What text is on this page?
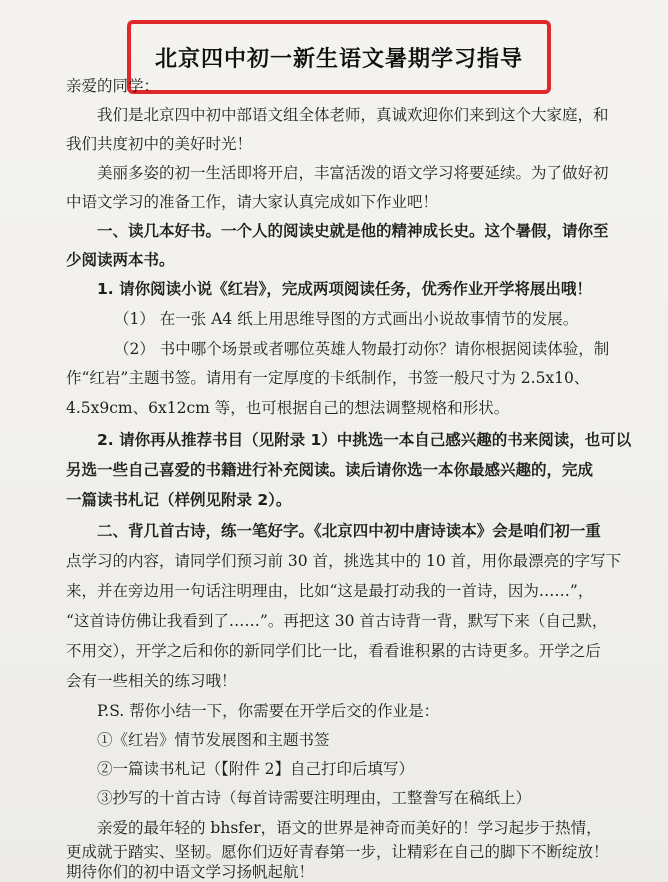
北京四中初一新生语文暑期学习指导
亲爱的同学：
我们是北京四中初中部语文组全体老师，真诚欢迎你们来到这个大家庭，和
我们共度初中的美好时光！
美丽多姿的初一生活即将开启，丰富活泼的语文学习将要延续。为了做好初
中语文学习的准备工作，请大家认真完成如下作业吧！
一、读几本好书。一个人的阅读史就是他的精神成长史。这个暑假，请你至
少阅读两本书。
1. 请你阅读小说《红岩》，完成两项阅读任务，优秀作业开学将展出哦！
（1） 在一张 A4 纸上用思维导图的方式画出小说故事情节的发展。
（2） 书中哪个场景或者哪位英雄人物最打动你？请你根据阅读体验，制
作“红岩”主题书签。请用有一定厚度的卡纸制作，书签一般尺寸为 2.5x10、
4.5x9cm、6x12cm 等，也可根据自己的想法调整规格和形状。
2. 请你再从推荐书目（见附录 1）中挑选一本自己感兴趣的书来阅读，也可以
另选一些自己喜爱的书籍进行补充阅读。读后请你选一本你最感兴趣的，完成
一篇读书札记（样例见附录 2）。
二、背几首古诗，练一笔好字。《北京四中初中唐诗读本》会是咱们初一重
点学习的内容，请同学们预习前 30 首，挑选其中的 10 首，用你最漂亮的字写下
来，并在旁边用一句话注明理由，比如“这是最打动我的一首诗，因为……”，
“这首诗仿佛让我看到了……”。再把这 30 首古诗背一背，默写下来（自己默，
不用交），开学之后和你的新同学们比一比，看看谁积累的古诗更多。开学之后
会有一些相关的练习哦！
P.S. 帮你小结一下，你需要在开学后交的作业是：
①《红岩》情节发展图和主题书签
②一篇读书札记（【附件 2】自己打印后填写）
③抄写的十首古诗（每首诗需要注明理由，工整誊写在稿纸上）
亲爱的最年轻的 bhsfer，语文的世界是神奇而美好的！学习起步于热情，
更成就于踏实、坚韧。愿你们迈好青春第一步，让精彩在自己的脚下不断绽放！
期待你们的初中语文学习扬帆起航！
